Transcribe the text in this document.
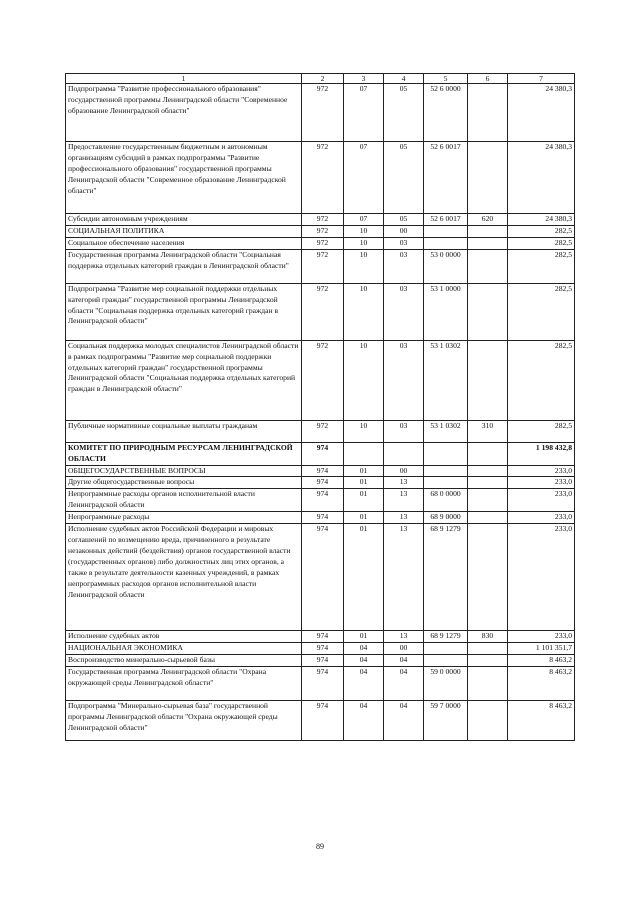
1	2	3	4	5	6	7
Подпрограмма "Развитие профессионального образования" государственной программы Ленинградской области "Современное образование Ленинградской области"	972	07	05	52 6 0000		24 380,3
Предоставление государственным бюджетным и автономным организациям субсидий в рамках подпрограммы "Развитие профессионального образования" государственной программы Ленинградской области "Современное образование Ленинградской области"	972	07	05	52 6 0017		24 380,3
Субсидии автономным учреждениям	972	07	05	52 6 0017	620	24 380,3
СОЦИАЛЬНАЯ ПОЛИТИКА	972	10	00			282,5
Социальное обеспечение населения	972	10	03			282,5
Государственная программа Ленинградской области "Социальная поддержка отдельных категорий граждан в Ленинградской области"	972	10	03	53 0 0000		282,5
Подпрограмма "Развитие мер социальной поддержки отдельных категорий граждан" государственной программы Ленинградской области "Социальная поддержка отдельных категорий граждан в Ленинградской области"	972	10	03	53 1 0000		282,5
Социальная поддержка молодых специалистов Ленинградской области в рамках подпрограммы "Развитие мер социальной поддержки отдельных категорий граждан" государственной программы Ленинградской области "Социальная поддержка отдельных категорий граждан в Ленинградской области"	972	10	03	53 1 0302		282,5
Публичные нормативные социальные выплаты гражданам	972	10	03	53 1 0302	310	282,5
КОМИТЕТ ПО ПРИРОДНЫМ РЕСУРСАМ ЛЕНИНГРАДСКОЙ ОБЛАСТИ	974					1 198 432,8
ОБЩЕГОСУДАРСТВЕННЫЕ ВОПРОСЫ	974	01	00			233,0
Другие общегосударственные вопросы	974	01	13			233,0
Непрограммные расходы органов исполнительной власти Ленинградской области	974	01	13	68 0 0000		233,0
Непрограммные расходы	974	01	13	68 9 0000		233,0
Исполнение судебных актов Российской Федерации и мировых соглашений по возмещению вреда, причиненного в результате незаконных действий (бездействия) органов государственной власти (государственных органов) либо должностных лиц этих органов, а также в результате деятельности казенных учреждений, в рамках непрограммных расходов органов исполнительной власти Ленинградской области	974	01	13	68 9 1279		233,0
Исполнение судебных актов	974	01	13	68 9 1279	830	233,0
НАЦИОНАЛЬНАЯ ЭКОНОМИКА	974	04	00			1 101 351,7
Воспроизводство минерально-сырьевой базы	974	04	04			8 463,2
Государственная программа Ленинградской области "Охрана окружающей среды Ленинградской области"	974	04	04	59 0 0000		8 463,2
Подпрограмма "Минерально-сырьевая база" государственной программы Ленинградской области "Охрана окружающей среды Ленинградской области"	974	04	04	59 7 0000		8 463,2
89
